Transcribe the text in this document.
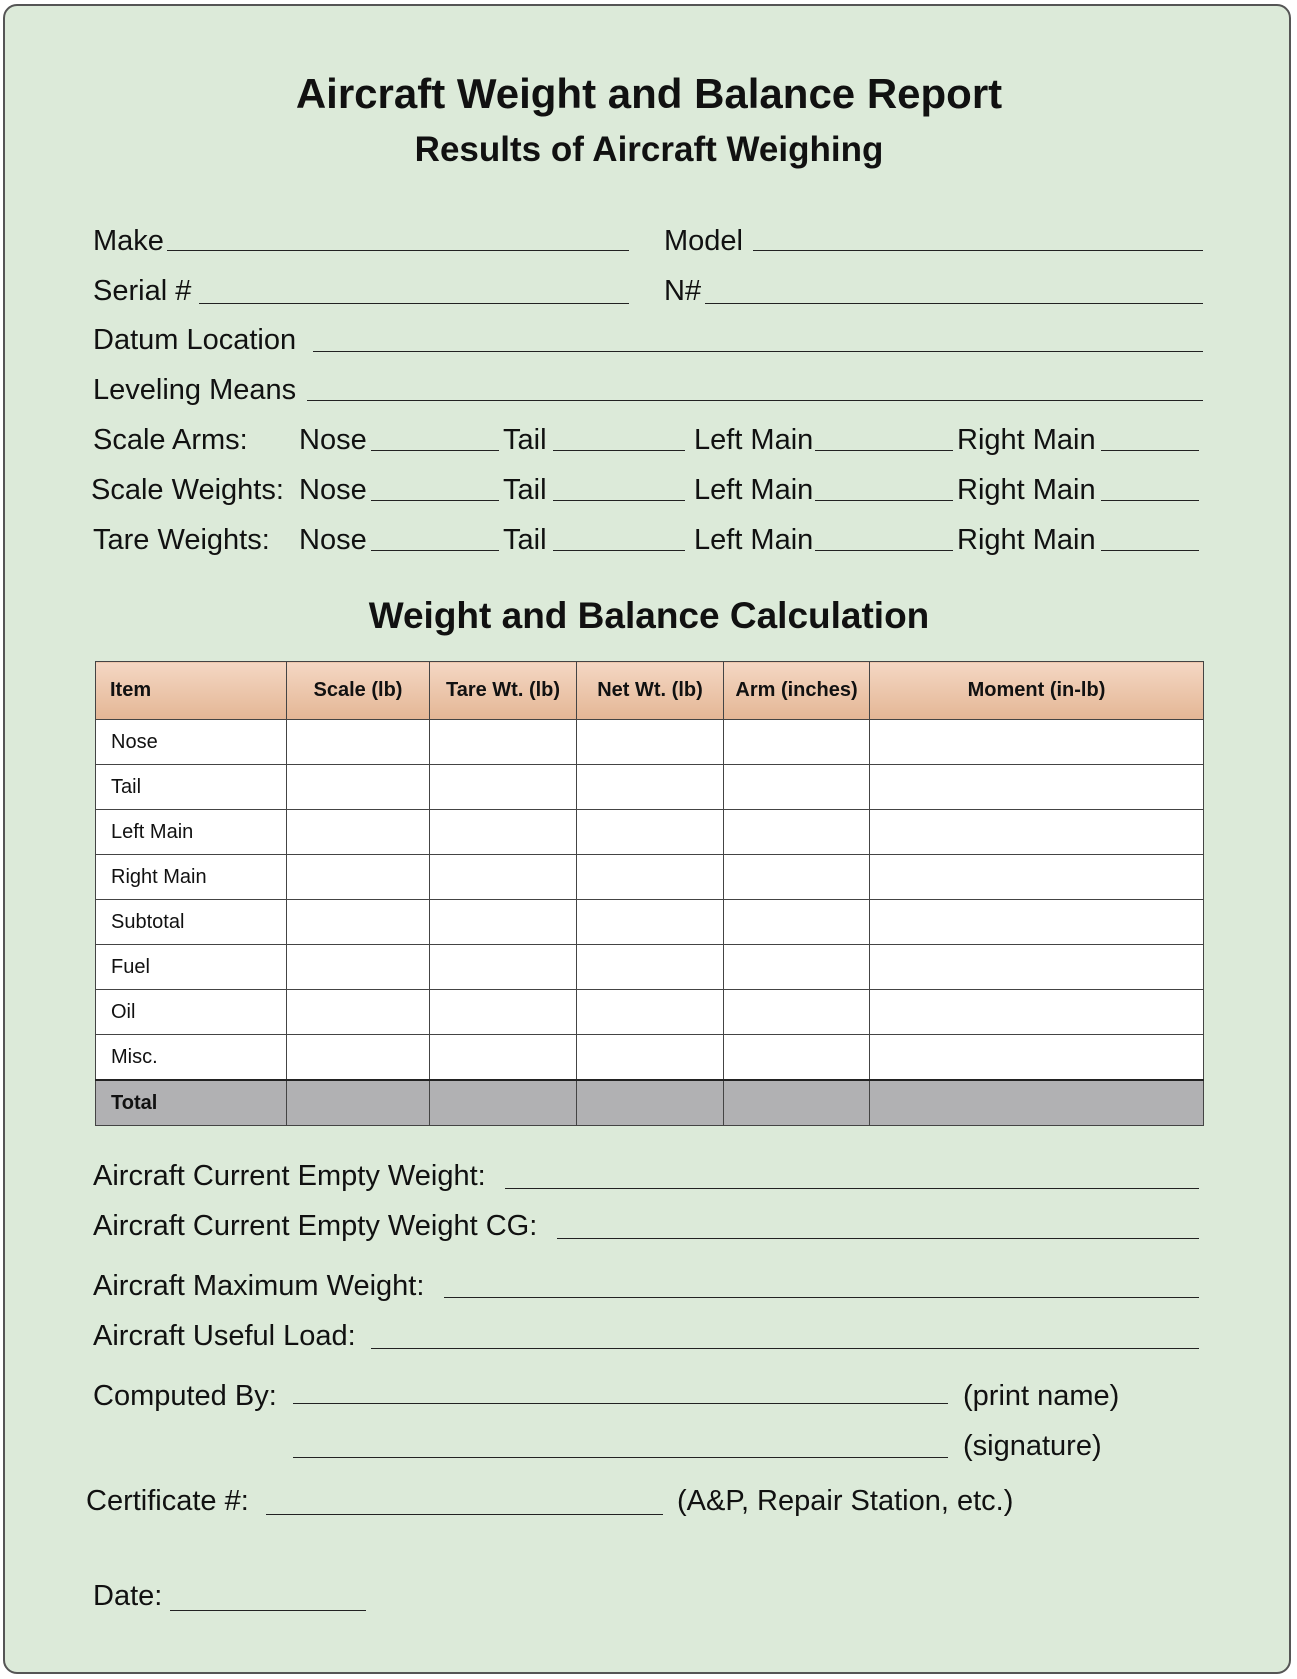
Aircraft Weight and Balance Report
Results of Aircraft Weighing
Make	Model
Serial #	N#
Datum Location
Leveling Means
Scale Arms: Nose	Tail	Left Main	Right Main
Scale Weights: Nose	Tail	Left Main	Right Main
Tare Weights: Nose	Tail	Left Main	Right Main
Weight and Balance Calculation
Item	Scale (lb)	Tare Wt. (lb)	Net Wt. (lb)	Arm (inches)	Moment (in-lb)
Nose					
Tail					
Left Main					
Right Main					
Subtotal					
Fuel					
Oil					
Misc.					
Total					
Aircraft Current Empty Weight:
Aircraft Current Empty Weight CG:
Aircraft Maximum Weight:
Aircraft Useful Load:
Computed By:	(print name)
(signature)
Certificate #:	(A&P, Repair Station, etc.)
Date:
